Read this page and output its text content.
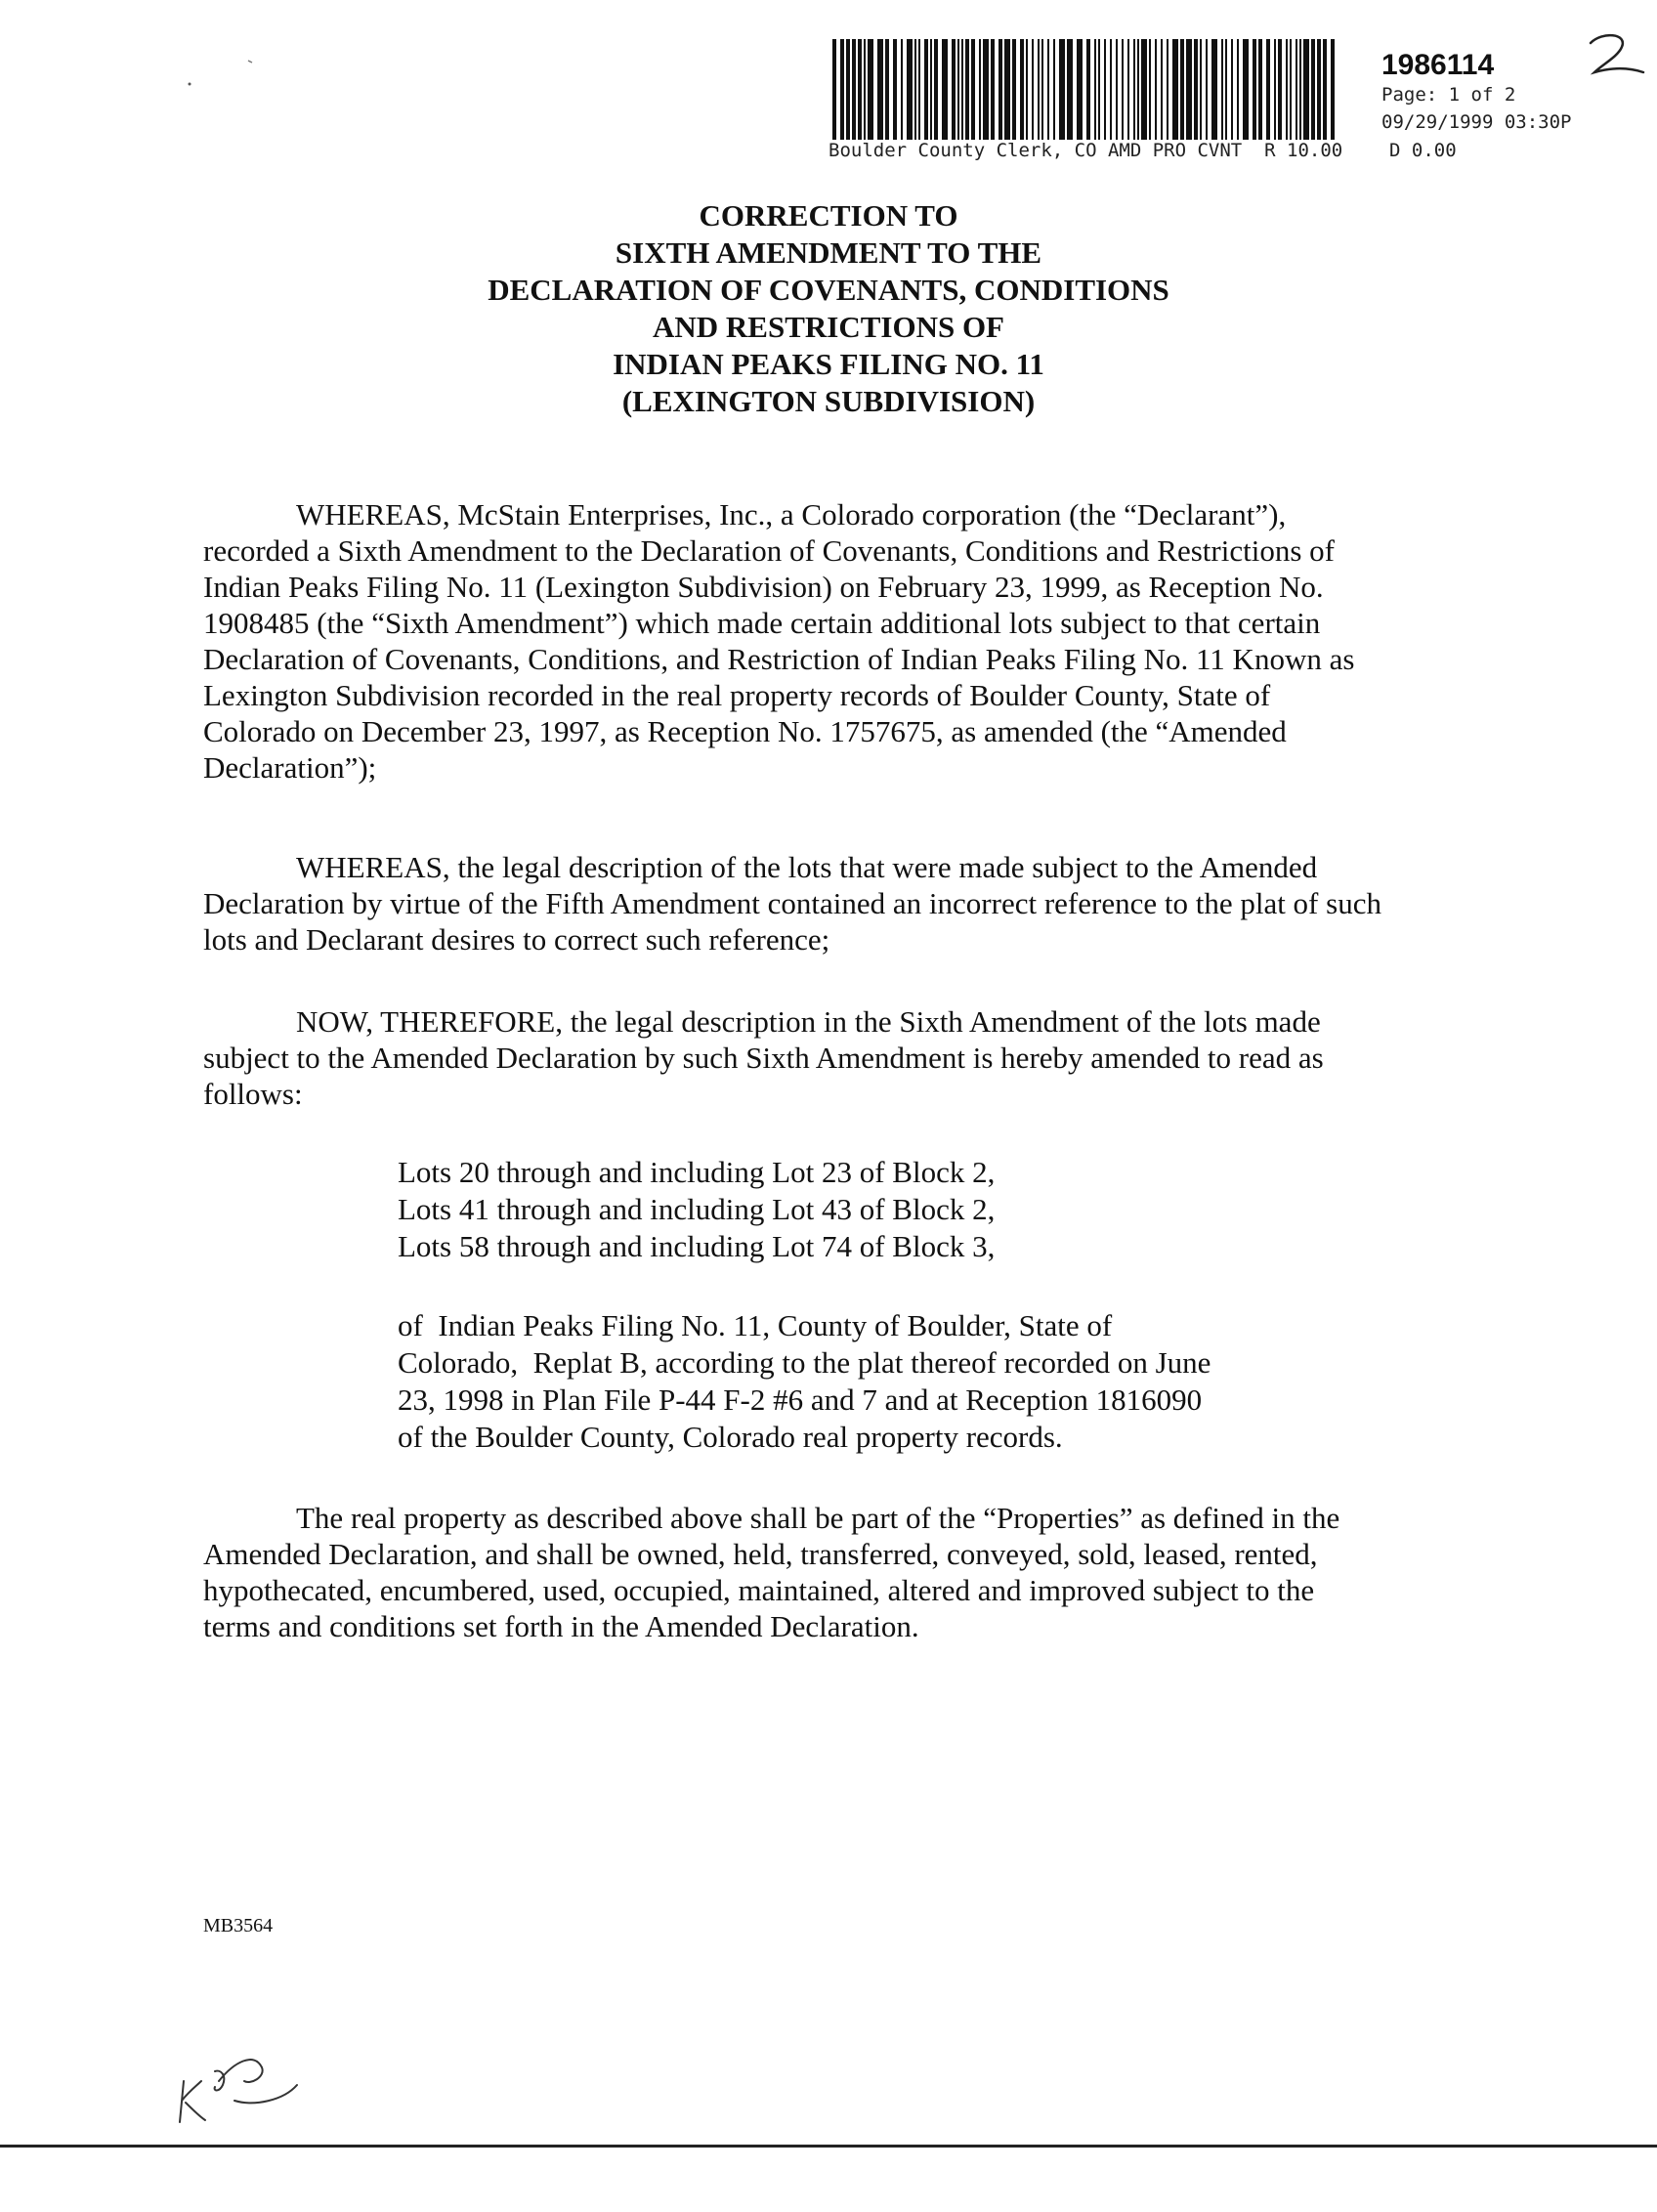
1986114
Page: 1 of 2
09/29/1999 03:30P
Boulder County Clerk, CO AMD PRO CVNT R 10.00	D 0.00
CORRECTION TO
SIXTH AMENDMENT TO THE
DECLARATION OF COVENANTS, CONDITIONS
AND RESTRICTIONS OF
INDIAN PEAKS FILING NO. 11
(LEXINGTON SUBDIVISION)
WHEREAS, McStain Enterprises, Inc., a Colorado corporation (the “Declarant”),
recorded a Sixth Amendment to the Declaration of Covenants, Conditions and Restrictions of
Indian Peaks Filing No. 11 (Lexington Subdivision) on February 23, 1999, as Reception No.
1908485 (the “Sixth Amendment”) which made certain additional lots subject to that certain
Declaration of Covenants, Conditions, and Restriction of Indian Peaks Filing No. 11 Known as
Lexington Subdivision recorded in the real property records of Boulder County, State of
Colorado on December 23, 1997, as Reception No. 1757675, as amended (the “Amended
Declaration”);
WHEREAS, the legal description of the lots that were made subject to the Amended
Declaration by virtue of the Fifth Amendment contained an incorrect reference to the plat of such
lots and Declarant desires to correct such reference;
NOW, THEREFORE, the legal description in the Sixth Amendment of the lots made
subject to the Amended Declaration by such Sixth Amendment is hereby amended to read as
follows:
Lots 20 through and including Lot 23 of Block 2,
Lots 41 through and including Lot 43 of Block 2,
Lots 58 through and including Lot 74 of Block 3,
of  Indian Peaks Filing No. 11, County of Boulder, State of
Colorado,  Replat B, according to the plat thereof recorded on June
23, 1998 in Plan File P-44 F-2 #6 and 7 and at Reception 1816090
of the Boulder County, Colorado real property records.
The real property as described above shall be part of the “Properties” as defined in the
Amended Declaration, and shall be owned, held, transferred, conveyed, sold, leased, rented,
hypothecated, encumbered, used, occupied, maintained, altered and improved subject to the
terms and conditions set forth in the Amended Declaration.
MB3564
